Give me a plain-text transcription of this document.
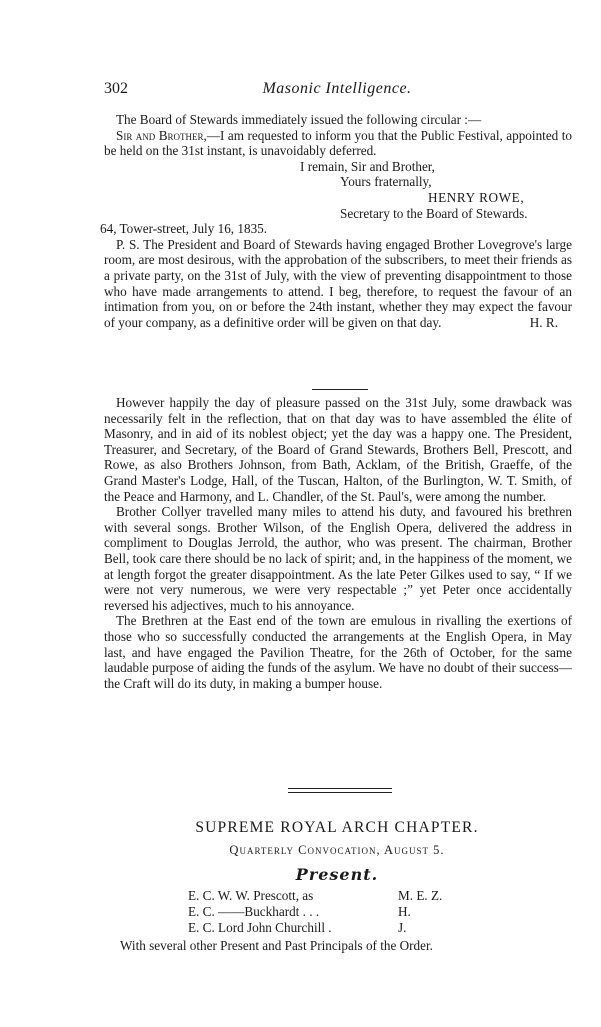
302	Masonic Intelligence.

The Board of Stewards immediately issued the following circular :—

Sir and Brother,—I am requested to inform you that the Public Festival, appointed to be held on the 31st instant, is unavoidably deferred.

I remain, Sir and Brother,
Yours fraternally,
HENRY ROWE,
Secretary to the Board of Stewards.

64, Tower-street, July 16, 1835.

P. S. The President and Board of Stewards having engaged Brother Lovegrove's large room, are most desirous, with the approbation of the subscribers, to meet their friends as a private party, on the 31st of July, with the view of preventing disappointment to those who have made arrangements to attend. I beg, therefore, to request the favour of an intimation from you, on or before the 24th instant, whether they may expect the favour of your company, as a definitive order will be given on that day.	H. R.

However happily the day of pleasure passed on the 31st July, some drawback was necessarily felt in the reflection, that on that day was to have assembled the élite of Masonry, and in aid of its noblest object; yet the day was a happy one. The President, Treasurer, and Secretary, of the Board of Grand Stewards, Brothers Bell, Prescott, and Rowe, as also Brothers Johnson, from Bath, Acklam, of the British, Graeffe, of the Grand Master's Lodge, Hall, of the Tuscan, Halton, of the Burlington, W. T. Smith, of the Peace and Harmony, and L. Chandler, of the St. Paul's, were among the number.

Brother Collyer travelled many miles to attend his duty, and favoured his brethren with several songs. Brother Wilson, of the English Opera, delivered the address in compliment to Douglas Jerrold, the author, who was present. The chairman, Brother Bell, took care there should be no lack of spirit; and, in the happiness of the moment, we at length forgot the greater disappointment. As the late Peter Gilkes used to say, “ If we were not very numerous, we were very respectable ;” yet Peter once accidentally reversed his adjectives, much to his annoyance.

The Brethren at the East end of the town are emulous in rivalling the exertions of those who so successfully conducted the arrangements at the English Opera, in May last, and have engaged the Pavilion Theatre, for the 26th of October, for the same laudable purpose of aiding the funds of the asylum. We have no doubt of their success—the Craft will do its duty, in making a bumper house.

SUPREME ROYAL ARCH CHAPTER.
Quarterly Convocation, August 5.
Present.
E. C. W. W. Prescott, as	M. E. Z.
E. C. ——Buckhardt . . .	H.
E. C. Lord John Churchill .	J.
With several other Present and Past Principals of the Order.
